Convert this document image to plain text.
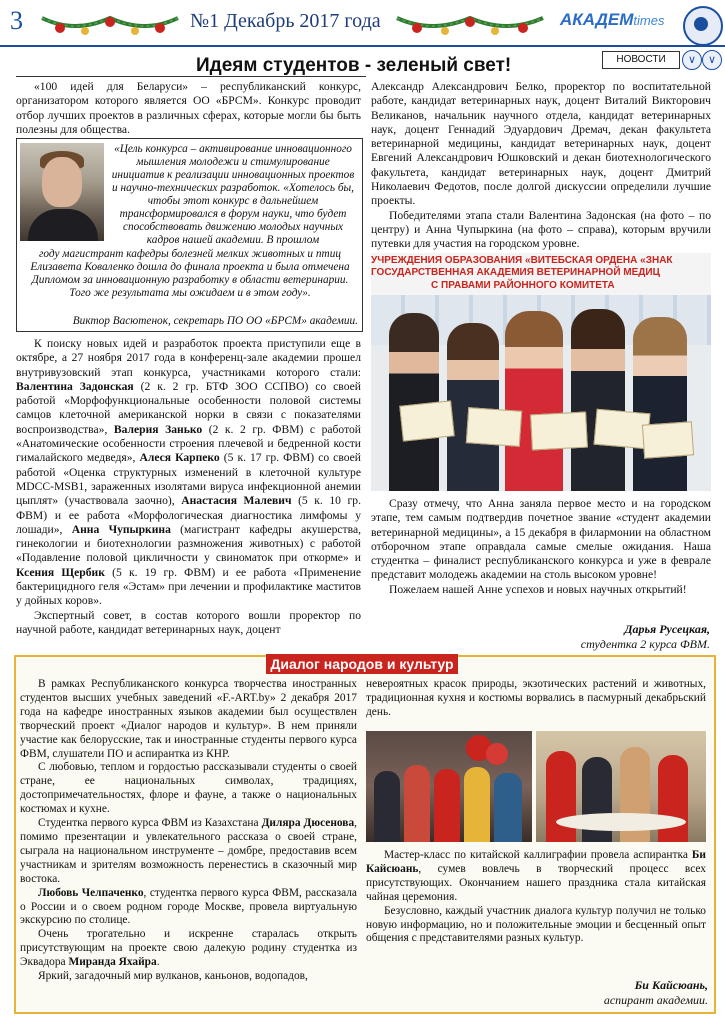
3	№1 Декабрь 2017 года	АКАДЕМtimes
НОВОСТИ	∨	∨
Идеям студентов - зеленый свет!

«100 идей для Беларуси» – республиканский конкурс, организатором которого является ОО «БРСМ». Конкурс проводит отбор лучших проектов в различных сферах, которые могли бы быть полезны для общества.

«Цель конкурса – активирование инновационного мышления молодежи и стимулирование инициатив к реализации инновационных проектов и научно-технических разработок. «Хотелось бы, чтобы этот конкурс в дальнейшем трансформировался в форум науки, что будет способствовать движению молодых научных кадров нашей академии. В прошлом
году магистрант кафедры болезней мелких животных и птиц Елизавета Коваленко дошла до финала проекта и была отмечена Дипломом за инновационную разработку в области ветеринарии. Того же результата мы ожидаем и в этом году».
Виктор Васютенок, секретарь ПО ОО «БРСМ» академии.

К поиску новых идей и разработок проекта приступили еще в октябре, а 27 ноября 2017 года в конференц-зале академии прошел внутривузовский этап конкурса, участниками которого стали: Валентина Задонская (2 к. 2 гр. БТФ ЗОО ССПВО) со своей работой «Морфофункциональные особенности половой системы самцов клеточной американской норки в связи с показателями воспроизводства», Валерия Занько (2 к. 2 гр. ФВМ) с работой «Анатомические особенности строения плечевой и бедренной кости гималайского медведя», Алеся Карпеко (5 к. 17 гр. ФВМ) со своей работой «Оценка структурных изменений в клеточной культуре MDCC-MSB1, зараженных изолятами вируса инфекционной анемии цыплят» (участвовала заочно), Анастасия Малевич (5 к. 10 гр. ФВМ) и ее работа «Морфологическая диагностика лимфомы у лошади», Анна Чупыркина (магистрант кафедры акушерства, гинекологии и биотехнологии размножения животных) с работой «Подавление половой цикличности у свиноматок при откорме» и Ксения Щербик (5 к. 19 гр. ФВМ) и ее работа «Применение бактерицидного геля «Эстам» при лечении и профилактике маститов у дойных коров».

Экспертный совет, в состав которого вошли проректор по научной работе, кандидат ветеринарных наук, доцент

Александр Александрович Белко, проректор по воспитательной работе, кандидат ветеринарных наук, доцент Виталий Викторович Великанов, начальник научного отдела, кандидат ветеринарных наук, доцент Геннадий Эдуардович Дремач, декан факультета ветеринарной медицины, кандидат ветеринарных наук, доцент Евгений Александрович Юшковский и декан биотехнологического факультета, кандидат ветеринарных наук, доцент Дмитрий Николаевич Федотов, после долгой дискуссии определили лучшие проекты.

Победителями этапа стали Валентина Задонская (на фото – по центру) и Анна Чупыркина (на фото – справа), которым вручили путевки для участия на городском уровне.

УЧРЕЖДЕНИЯ ОБРАЗОВАНИЯ «ВИТЕБСКАЯ ОРДЕНА «ЗНАК
ГОСУДАРСТВЕННАЯ АКАДЕМИЯ ВЕТЕРИНАРНОЙ МЕДИЦ
С ПРАВАМИ РАЙОННОГО КОМИТЕТА

Сразу отмечу, что Анна заняла первое место и на городском этапе, тем самым подтвердив почетное звание «студент академии ветеринарной медицины», а 15 декабря в филармонии на областном отборочном этапе оправдала самые смелые ожидания. Наша студентка – финалист республиканского конкурса и уже в феврале представит молодежь академии на столь высоком уровне!

Пожелаем нашей Анне успехов и новых научных открытий!

Дарья Русецкая,
студентка 2 курса ФВМ.
Диалог народов и культур

В рамках Республиканского конкурса творчества иностранных студентов высших учебных заведений «F.-ART.by» 2 декабря 2017 года на кафедре иностранных языков академии был осуществлен творческий проект «Диалог народов и культур». В нем приняли участие как белорусские, так и иностранные студенты первого курса ФВМ, слушатели ПО и аспирантка из КНР.

С любовью, теплом и гордостью рассказывали студенты о своей стране, ее национальных символах, традициях, достопримечательностях, флоре и фауне, а также о национальных костюмах и кухне.

Студентка первого курса ФВМ из Казахстана Диляра Дюсенова, помимо презентации и увлекательного рассказа о своей стране, сыграла на национальном инструменте – домбре, предоставив всем участникам и зрителям возможность перенестись в сказочный мир востока.

Любовь Челпаченко, студентка первого курса ФВМ, рассказала о России и о своем родном городе Москве, провела виртуальную экскурсию по столице.

Очень трогательно и искренне старалась открыть присутствующим на проекте свою далекую родину студентка из Эквадора Миранда Яхайра.

Яркий, загадочный мир вулканов, каньонов, водопадов,

невероятных красок природы, экзотических растений и животных, традиционная кухня и костюмы ворвались в пасмурный декабрьский день.

Мастер-класс по китайской каллиграфии провела аспирантка Би Кайсюань, сумев вовлечь в творческий процесс всех присутствующих. Окончанием нашего праздника стала китайская чайная церемония.

Безусловно, каждый участник диалога культур получил не только новую информацию, но и положительные эмоции и бесценный опыт общения с представителями разных культур.

Би Кайсюань,
аспирант академии.
